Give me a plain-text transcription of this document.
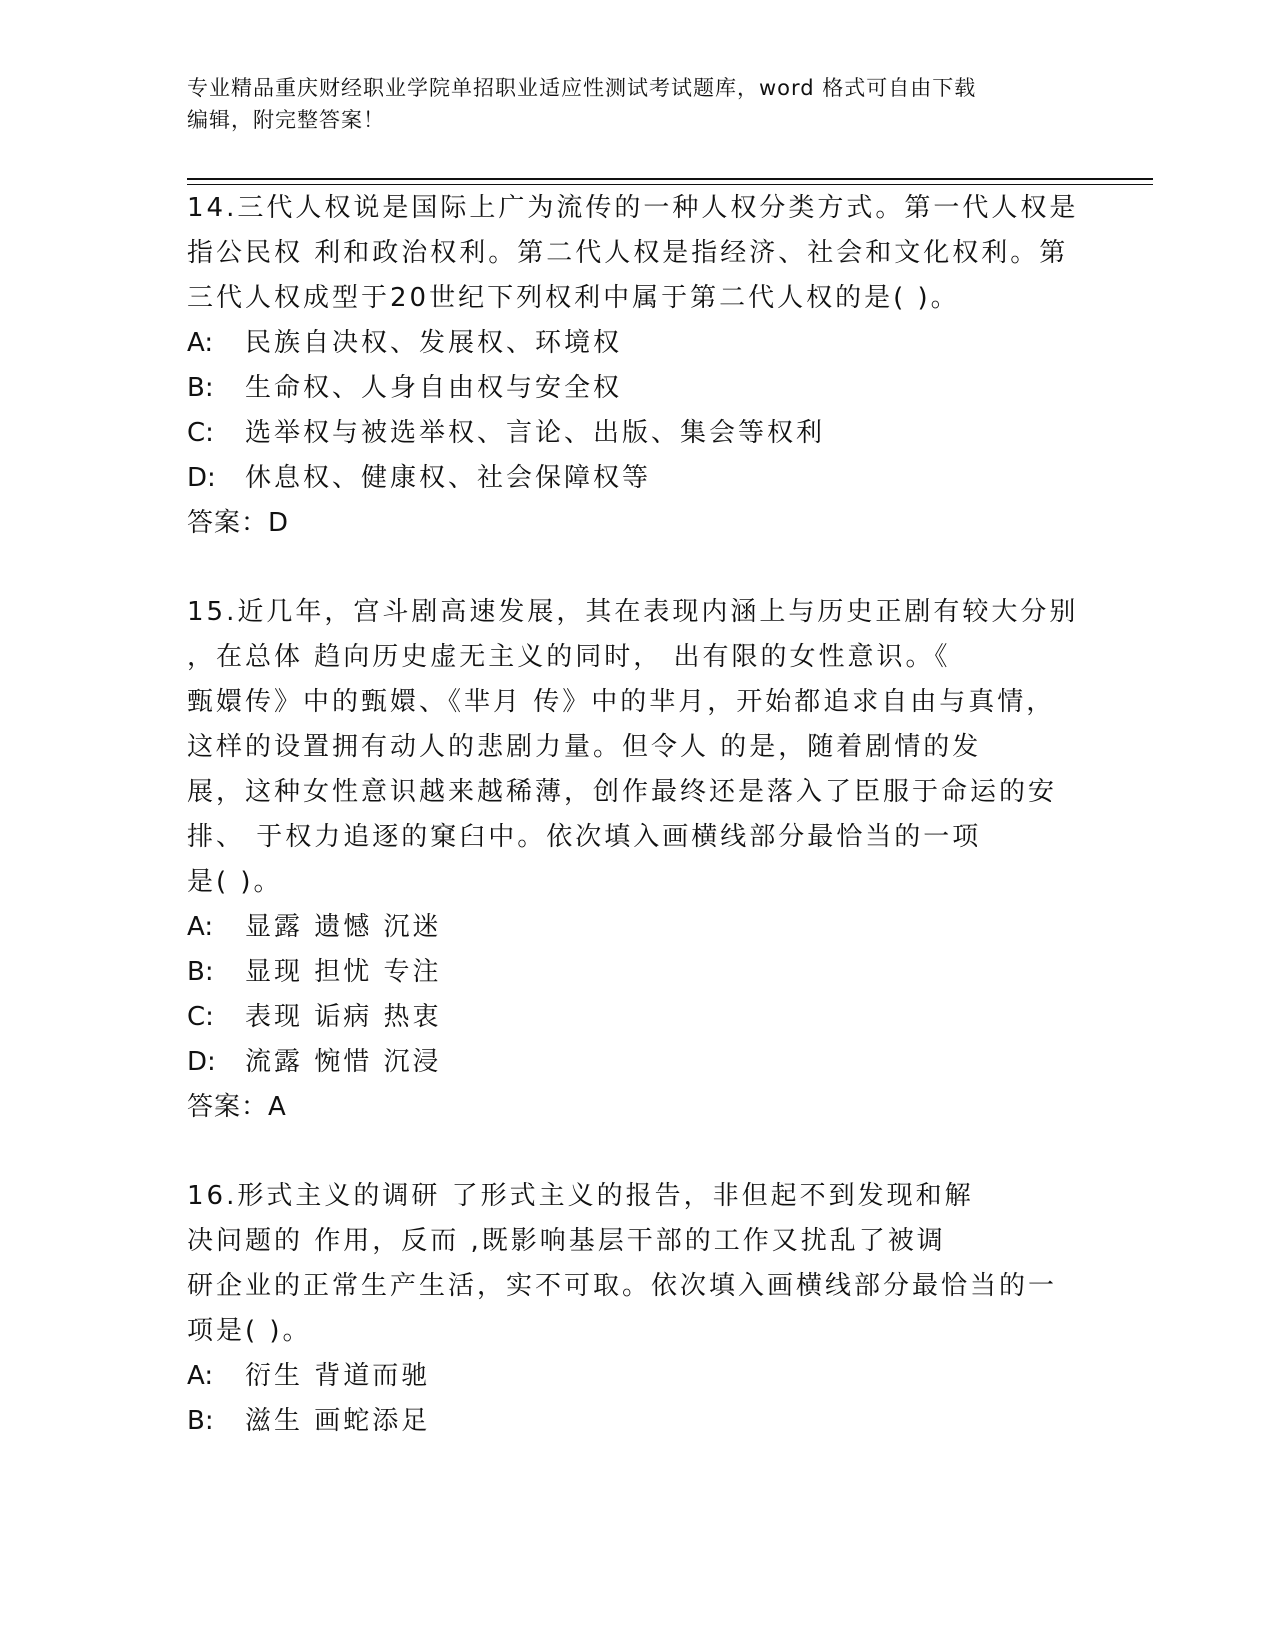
专业精品重庆财经职业学院单招职业适应性测试考试题库，word 格式可自由下载
编辑，附完整答案！
14.三代人权说是国际上广为流传的一种人权分类方式。第一代人权是
指公民权 利和政治权利。第二代人权是指经济、社会和文化权利。第
三代人权成型于20世纪下列权利中属于第二代人权的是( )。
A: 民族自决权、发展权、环境权
B: 生命权、人身自由权与安全权
C: 选举权与被选举权、言论、出版、集会等权利
D: 休息权、健康权、社会保障权等
答案：D
15.近几年，宫斗剧高速发展，其在表现内涵上与历史正剧有较大分别
，在总体 趋向历史虚无主义的同时， 出有限的女性意识。《
甄嬛传》中的甄嬛、《芈月 传》中的芈月，开始都追求自由与真情，
这样的设置拥有动人的悲剧力量。但令人 的是，随着剧情的发
展，这种女性意识越来越稀薄，创作最终还是落入了臣服于命运的安
排、 于权力追逐的窠臼中。依次填入画横线部分最恰当的一项
是( )。
A: 显露 遗憾 沉迷
B: 显现 担忧 专注
C: 表现 诟病 热衷
D: 流露 惋惜 沉浸
答案：A
16.形式主义的调研 了形式主义的报告，非但起不到发现和解
决问题的 作用，反而 ,既影响基层干部的工作又扰乱了被调
研企业的正常生产生活，实不可取。依次填入画横线部分最恰当的一
项是( )。
A: 衍生 背道而驰
B: 滋生 画蛇添足
